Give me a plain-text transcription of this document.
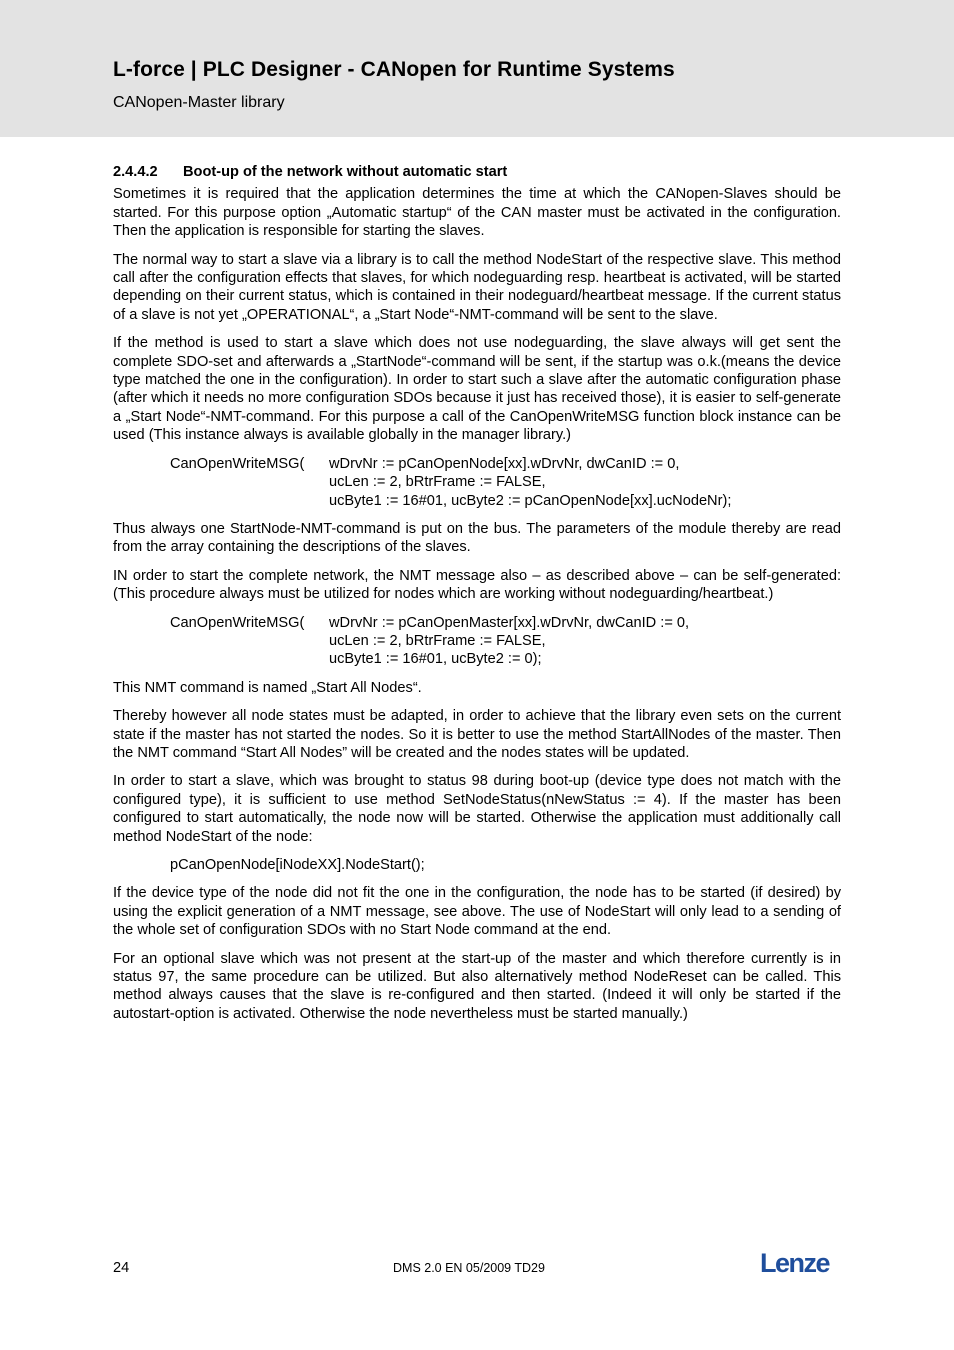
L-force | PLC Designer - CANopen for Runtime Systems
CANopen-Master library
2.4.4.2 Boot-up of the network without automatic start

Sometimes it is required that the application determines the time at which the CANopen-Slaves should be started. For this purpose option „Automatic startup“ of the CAN master must be activated in the configuration. Then the application is responsible for starting the slaves.

The normal way to start a slave via a library is to call the method NodeStart of the respective slave. This method call after the configuration effects that slaves, for which nodeguarding resp. heartbeat is activated, will be started depending on their current status, which is contained in their nodeguard/heartbeat message. If the current status of a slave is not yet „OPERATIONAL“, a „Start Node“-NMT-command will be sent to the slave.

If the method is used to start a slave which does not use nodeguarding, the slave always will get sent the complete SDO-set and afterwards a „StartNode“-command will be sent, if the startup was o.k.(means the device type matched the one in the configuration). In order to start such a slave after the automatic configuration phase (after which it needs no more configuration SDOs because it just has received those), it is easier to self-generate a „Start Node“-NMT-command. For this purpose a call of the CanOpenWriteMSG function block instance can be used (This instance always is available globally in the manager library.)

CanOpenWriteMSG(	wDrvNr := pCanOpenNode[xx].wDrvNr, dwCanID := 0,
ucLen := 2, bRtrFrame := FALSE,
ucByte1 := 16#01, ucByte2 := pCanOpenNode[xx].ucNodeNr);

Thus always one StartNode-NMT-command is put on the bus. The parameters of the module thereby are read from the array containing the descriptions of the slaves.

IN order to start the complete network, the NMT message also – as described above – can be self-generated: (This procedure always must be utilized for nodes which are working without nodeguarding/heartbeat.)

CanOpenWriteMSG(	wDrvNr := pCanOpenMaster[xx].wDrvNr, dwCanID := 0,
ucLen := 2, bRtrFrame := FALSE,
ucByte1 := 16#01, ucByte2 := 0);

This NMT command is named „Start All Nodes“.

Thereby however all node states must be adapted, in order to achieve that the library even sets on the current state if the master has not started the nodes. So it is better to use the method StartAllNodes of the master. Then the NMT command “Start All Nodes” will be created and the nodes states will be updated.

In order to start a slave, which was brought to status 98 during boot-up (device type does not match with the configured type), it is sufficient to use method SetNodeStatus(nNewStatus := 4). If the master has been configured to start automatically, the node now will be started. Otherwise the application must additionally call method NodeStart of the node:

pCanOpenNode[iNodeXX].NodeStart();

If the device type of the node did not fit the one in the configuration, the node has to be started (if desired) by using the explicit generation of a NMT message, see above. The use of NodeStart will only lead to a sending of the whole set of configuration SDOs with no Start Node command at the end.

For an optional slave which was not present at the start-up of the master and which therefore currently is in status 97, the same procedure can be utilized. But also alternatively method NodeReset can be called. This method always causes that the slave is re-configured and then started. (Indeed it will only be started if the autostart-option is activated. Otherwise the node nevertheless must be started manually.)

24	DMS 2.0 EN 05/2009 TD29	Lenze
